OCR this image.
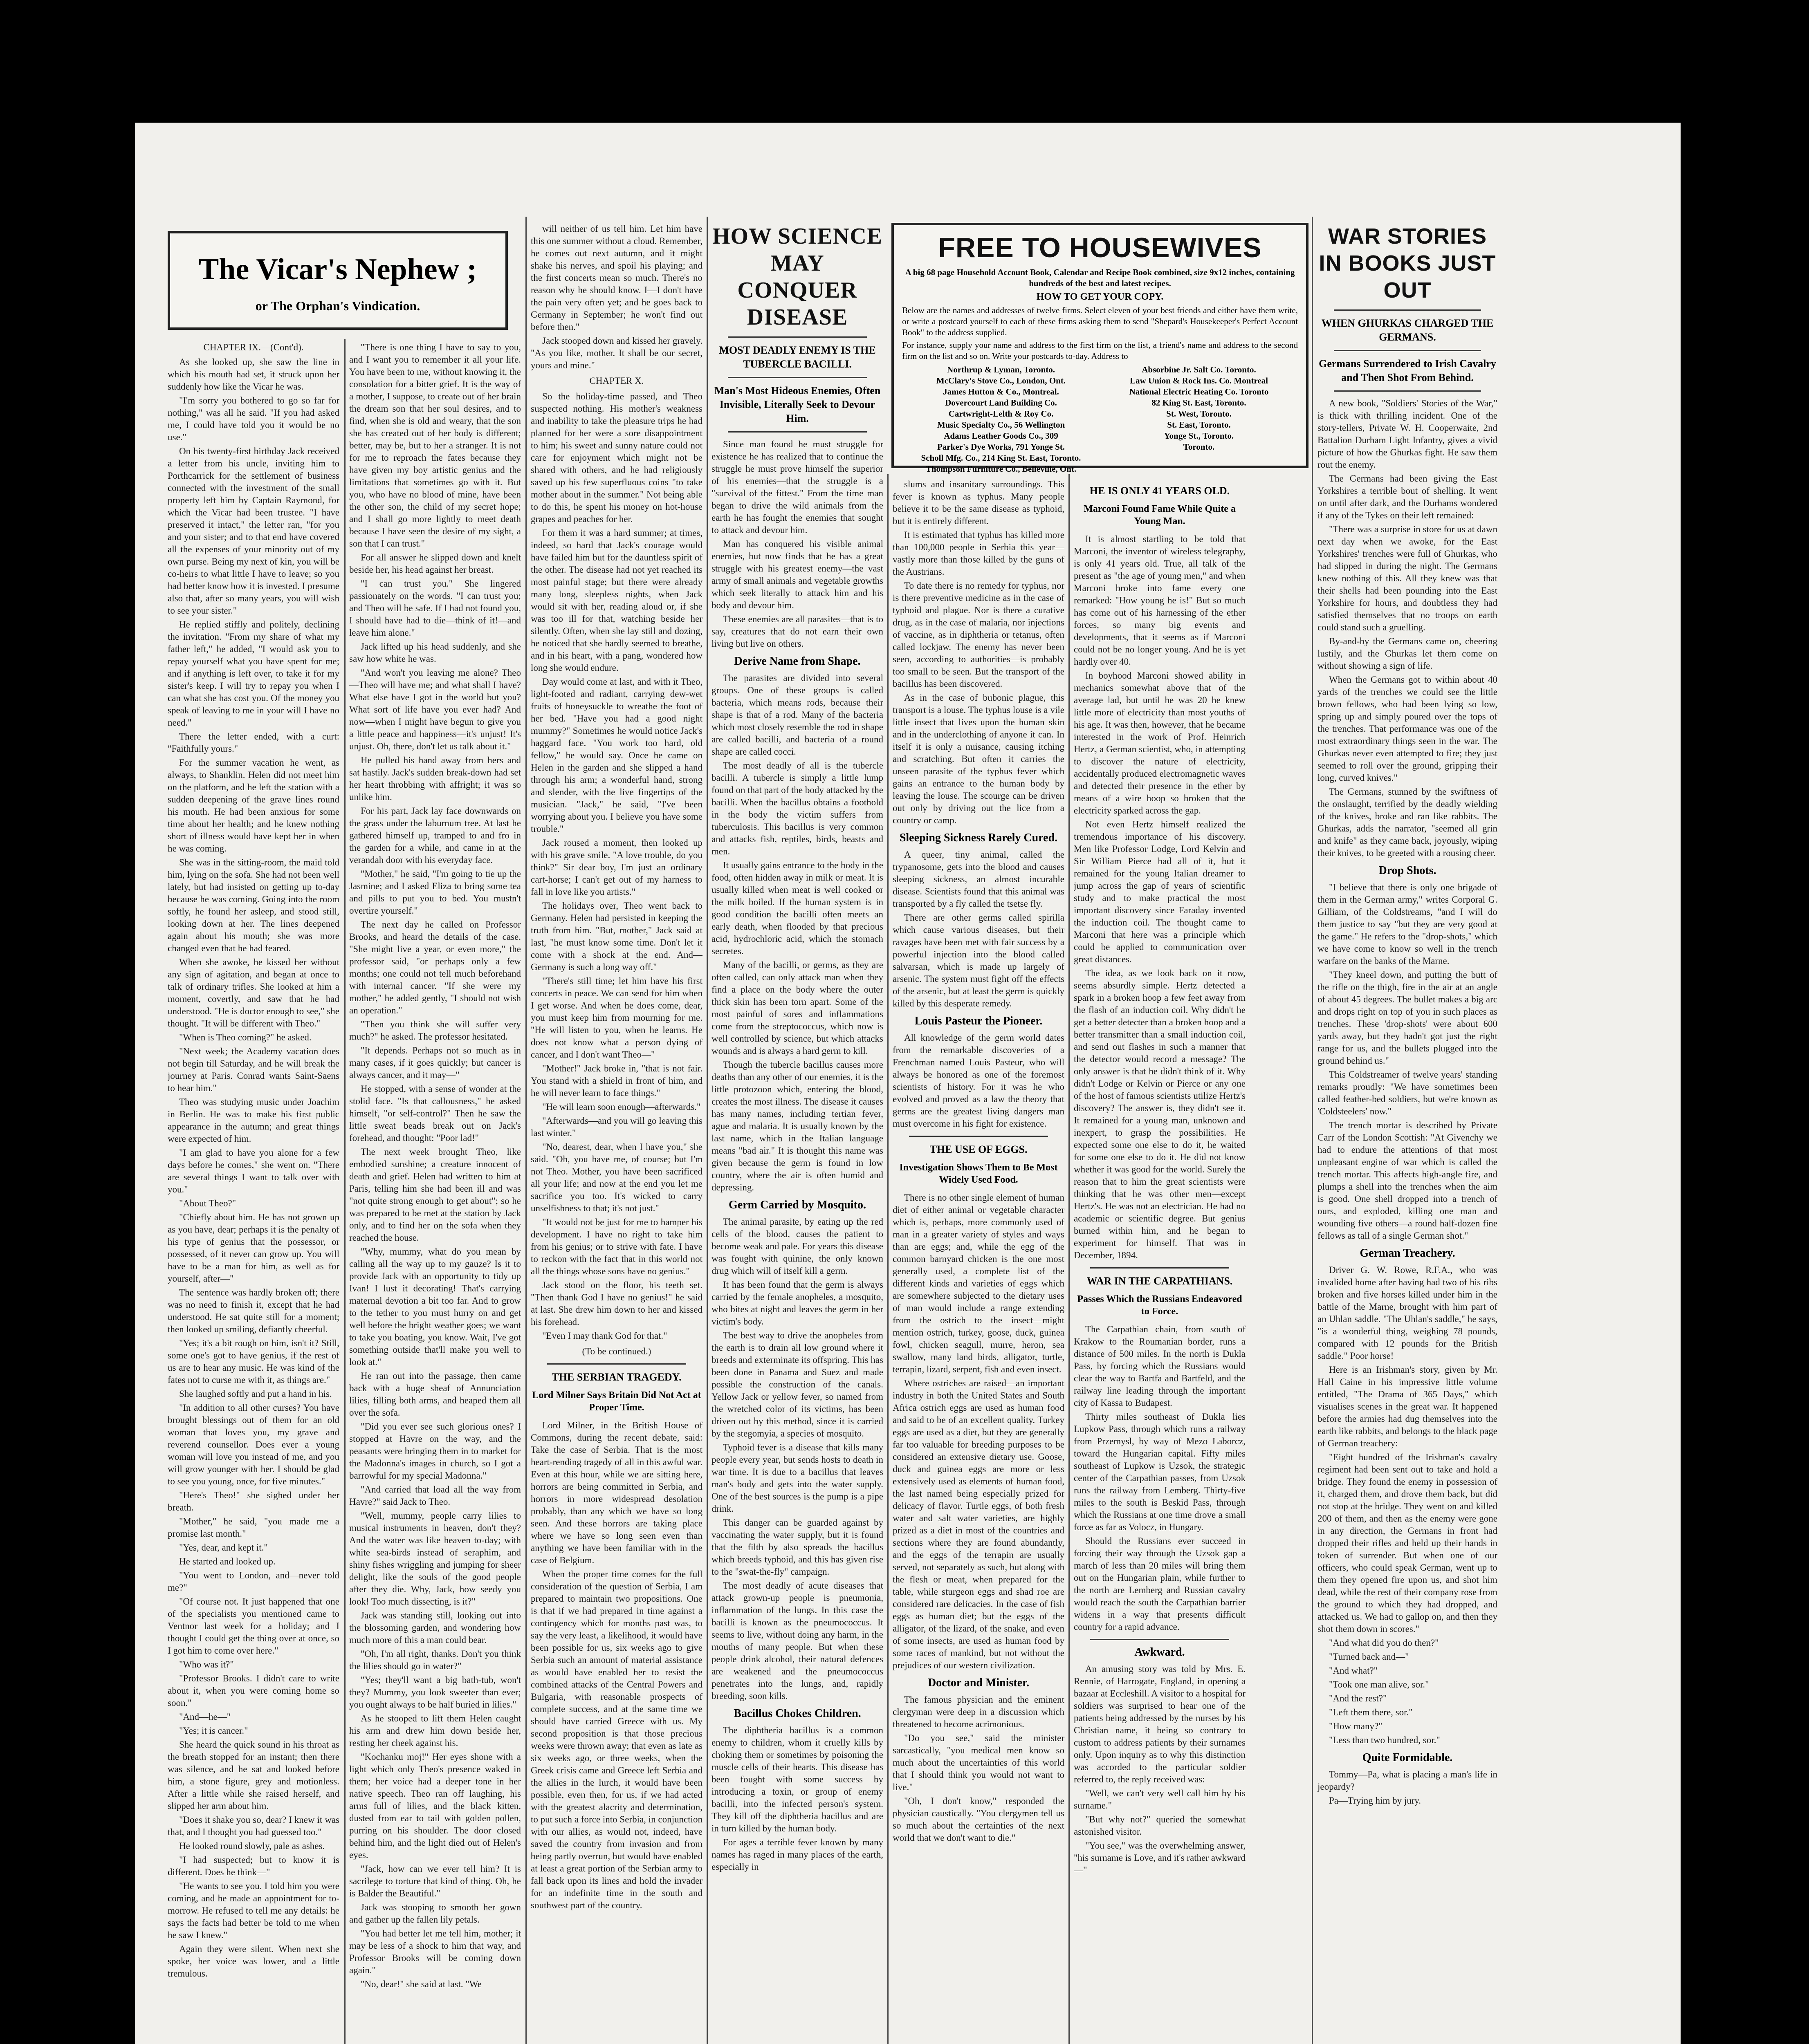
The Vicar's Nephew ;
or The Orphan's Vindication.
CHAPTER IX.—(Cont'd).

As she looked up, she saw the line in which his mouth had set, it struck upon her suddenly how like the Vicar he was.

"I'm sorry you bothered to go so far for nothing," was all he said. "If you had asked me, I could have told you it would be no use."

On his twenty-first birthday Jack received a letter from his uncle, inviting him to Porthcarrick for the settlement of business connected with the investment of the small property left him by Captain Raymond, for which the Vicar had been trustee. "I have preserved it intact," the letter ran, "for you and your sister; and to that end have covered all the expenses of your minority out of my own purse. Being my next of kin, you will be co-heirs to what little I have to leave; so you had better know how it is invested. I presume also that, after so many years, you will wish to see your sister."

He replied stiffly and politely, declining the invitation. "From my share of what my father left," he added, "I would ask you to repay yourself what you have spent for me; and if anything is left over, to take it for my sister's keep. I will try to repay you when I can what she has cost you. Of the money you speak of leaving to me in your will I have no need."

There the letter ended, with a curt: "Faithfully yours."

For the summer vacation he went, as always, to Shanklin. Helen did not meet him on the platform, and he left the station with a sudden deepening of the grave lines round his mouth. He had been anxious for some time about her health; and he knew nothing short of illness would have kept her in when he was coming.

She was in the sitting-room, the maid told him, lying on the sofa. She had not been well lately, but had insisted on getting up to-day because he was coming. Going into the room softly, he found her asleep, and stood still, looking down at her. The lines deepened again about his mouth; she was more changed even that he had feared.

When she awoke, he kissed her without any sign of agitation, and began at once to talk of ordinary trifles. She looked at him a moment, covertly, and saw that he had understood. "He is doctor enough to see," she thought. "It will be different with Theo."

"When is Theo coming?" he asked.

"Next week; the Academy vacation does not begin till Saturday, and he will break the journey at Paris. Conrad wants Saint-Saens to hear him."

Theo was studying music under Joachim in Berlin. He was to make his first public appearance in the autumn; and great things were expected of him.

"I am glad to have you alone for a few days before he comes," she went on. "There are several things I want to talk over with you."

"About Theo?"

"Chiefly about him. He has not grown up as you have, dear; perhaps it is the penalty of his type of genius that the possessor, or possessed, of it never can grow up. You will have to be a man for him, as well as for yourself, after—"

The sentence was hardly broken off; there was no need to finish it, except that he had understood. He sat quite still for a moment; then looked up smiling, defiantly cheerful.

"Yes; it's a bit rough on him, isn't it? Still, some one's got to have genius, if the rest of us are to hear any music. He was kind of the fates not to curse me with it, as things are."

She laughed softly and put a hand in his.

"In addition to all other curses? You have brought blessings out of them for an old woman that loves you, my grave and reverend counsellor. Does ever a young woman will love you instead of me, and you will grow younger with her. I should be glad to see you young, once, for five minutes."

"Here's Theo!" she sighed under her breath.

"Mother," he said, "you made me a promise last month."

"Yes, dear, and kept it."

He started and looked up.

"You went to London, and—never told me?"

"Of course not. It just happened that one of the specialists you mentioned came to Ventnor last week for a holiday; and I thought I could get the thing over at once, so I got him to come over here."

"Who was it?"

"Professor Brooks. I didn't care to write about it, when you were coming home so soon."

"And—he—"

"Yes; it is cancer."

She heard the quick sound in his throat as the breath stopped for an instant; then there was silence, and he sat and looked before him, a stone figure, grey and motionless. After a little while she raised herself, and slipped her arm about him.

"Does it shake you so, dear? I knew it was that, and I thought you had guessed too."

He looked round slowly, pale as ashes.

"I had suspected; but to know it is different. Does he think—"

"He wants to see you. I told him you were coming, and he made an appointment for to-morrow. He refused to tell me any details: he says the facts had better be told to me when he saw I knew."

Again they were silent. When next she spoke, her voice was lower, and a little tremulous.

"There is one thing I have to say to you, and I want you to remember it all your life. You have been to me, without knowing it, the consolation for a bitter grief. It is the way of a mother, I suppose, to create out of her brain the dream son that her soul desires, and to find, when she is old and weary, that the son she has created out of her body is different; better, may be, but to her a stranger. It is not for me to reproach the fates because they have given my boy artistic genius and the limitations that sometimes go with it. But you, who have no blood of mine, have been the other son, the child of my secret hope; and I shall go more lightly to meet death because I have seen the desire of my sight, a son that I can trust."

For all answer he slipped down and knelt beside her, his head against her breast.

"I can trust you." She lingered passionately on the words. "I can trust you; and Theo will be safe. If I had not found you, I should have had to die—think of it!—and leave him alone."

Jack lifted up his head suddenly, and she saw how white he was.

"And won't you leaving me alone? Theo—Theo will have me; and what shall I have? What else have I got in the world but you? What sort of life have you ever had? And now—when I might have begun to give you a little peace and happiness—it's unjust! It's unjust. Oh, there, don't let us talk about it."

He pulled his hand away from hers and sat hastily. Jack's sudden break-down had set her heart throbbing with affright; it was so unlike him.

For his part, Jack lay face downwards on the grass under the laburnum tree. At last he gathered himself up, tramped to and fro in the garden for a while, and came in at the verandah door with his everyday face.

"Mother," he said, "I'm going to tie up the Jasmine; and I asked Eliza to bring some tea and pills to put you to bed. You mustn't overtire yourself."

The next day he called on Professor Brooks, and heard the details of the case. "She might live a year, or even more," the professor said, "or perhaps only a few months; one could not tell much beforehand with internal cancer. "If she were my mother," he added gently, "I should not wish an operation."

"Then you think she will suffer very much?" he asked. The professor hesitated.

"It depends. Perhaps not so much as in many cases, if it goes quickly; but cancer is always cancer, and it may—"

He stopped, with a sense of wonder at the stolid face. "Is that callousness," he asked himself, "or self-control?" Then he saw the little sweat beads break out on Jack's forehead, and thought: "Poor lad!"

The next week brought Theo, like embodied sunshine; a creature innocent of death and grief. Helen had written to him at Paris, telling him she had been ill and was "not quite strong enough to get about"; so he was prepared to be met at the station by Jack only, and to find her on the sofa when they reached the house.

"Why, mummy, what do you mean by calling all the way up to my gauze? Is it to provide Jack with an opportunity to tidy up Ivan! I lust it decorating! That's carrying maternal devotion a bit too far. And to grow to the tether to you must hurry on and get well before the bright weather goes; we want to take you boating, you know. Wait, I've got something outside that'll make you well to look at."

He ran out into the passage, then came back with a huge sheaf of Annunciation lilies, filling both arms, and heaped them all over the sofa.

"Did you ever see such glorious ones? I stopped at Havre on the way, and the peasants were bringing them in to market for the Madonna's images in church, so I got a barrowful for my special Madonna."

"And carried that load all the way from Havre?" said Jack to Theo.

"Well, mummy, people carry lilies to musical instruments in heaven, don't they? And the water was like heaven to-day; with white sea-birds instead of seraphim, and shiny fishes wriggling and jumping for sheer delight, like the souls of the good people after they die. Why, Jack, how seedy you look! Too much dissecting, is it?"

Jack was standing still, looking out into the blossoming garden, and wondering how much more of this a man could bear.

"Oh, I'm all right, thanks. Don't you think the lilies should go in water?"

"Yes; they'll want a big bath-tub, won't they? Mummy, you look sweeter than ever; you ought always to be half buried in lilies."

As he stooped to lift them Helen caught his arm and drew him down beside her, resting her cheek against his.

"Kochanku moj!" Her eyes shone with a light which only Theo's presence waked in them; her voice had a deeper tone in her native speech. Theo ran off laughing, his arms full of lilies, and the black kitten, dusted from ear to tail with golden pollen, purring on his shoulder. The door closed behind him, and the light died out of Helen's eyes.

"Jack, how can we ever tell him? It is sacrilege to torture that kind of thing. Oh, he is Balder the Beautiful."

Jack was stooping to smooth her gown and gather up the fallen lily petals.

"You had better let me tell him, mother; it may be less of a shock to him that way, and Professor Brooks will be coming down again."

"No, dear!" she said at last. "We

will neither of us tell him. Let him have this one summer without a cloud. Remember, he comes out next autumn, and it might shake his nerves, and spoil his playing; and the first concerts mean so much. There's no reason why he should know. I—I don't have the pain very often yet; and he goes back to Germany in September; he won't find out before then."

Jack stooped down and kissed her gravely. "As you like, mother. It shall be our secret, yours and mine."

CHAPTER X.

So the holiday-time passed, and Theo suspected nothing. His mother's weakness and inability to take the pleasure trips he had planned for her were a sore disappointment to him; his sweet and sunny nature could not care for enjoyment which might not be shared with others, and he had religiously saved up his few superfluous coins "to take mother about in the summer." Not being able to do this, he spent his money on hot-house grapes and peaches for her.

For them it was a hard summer; at times, indeed, so hard that Jack's courage would have failed him but for the dauntless spirit of the other. The disease had not yet reached its most painful stage; but there were already many long, sleepless nights, when Jack would sit with her, reading aloud or, if she was too ill for that, watching beside her silently. Often, when she lay still and dozing, he noticed that she hardly seemed to breathe, and in his heart, with a pang, wondered how long she would endure.

Day would come at last, and with it Theo, light-footed and radiant, carrying dew-wet fruits of honeysuckle to wreathe the foot of her bed. "Have you had a good night mummy?" Sometimes he would notice Jack's haggard face. "You work too hard, old fellow," he would say. Once he came on Helen in the garden and she slipped a hand through his arm; a wonderful hand, strong and slender, with the live fingertips of the musician. "Jack," he said, "I've been worrying about you. I believe you have some trouble."

Jack roused a moment, then looked up with his grave smile. "A love trouble, do you think?" Sir dear boy, I'm just an ordinary cart-horse; I can't get out of my harness to fall in love like you artists."

The holidays over, Theo went back to Germany. Helen had persisted in keeping the truth from him. "But, mother," Jack said at last, "he must know some time. Don't let it come with a shock at the end. And—Germany is such a long way off."

"There's still time; let him have his first concerts in peace. We can send for him when I get worse. And when he does come, dear, you must keep him from mourning for me. "He will listen to you, when he learns. He does not know what a person dying of cancer, and I don't want Theo—"

"Mother!" Jack broke in, "that is not fair. You stand with a shield in front of him, and he will never learn to face things."

"He will learn soon enough—afterwards."

"Afterwards—and you will go leaving this last winter."

"No, dearest, dear, when I have you," she said. "Oh, you have me, of course; but I'm not Theo. Mother, you have been sacrificed all your life; and now at the end you let me sacrifice you too. It's wicked to carry unselfishness to that; it's not just."

"It would not be just for me to hamper his development. I have no right to take him from his genius; or to strive with fate. I have to reckon with the fact that in this world not all the things whose sons have no genius."

Jack stood on the floor, his teeth set. "Then thank God I have no genius!" he said at last. She drew him down to her and kissed his forehead.

"Even I may thank God for that."

(To be continued.)
THE SERBIAN TRAGEDY.
Lord Milner Says Britain Did Not Act at Proper Time.

Lord Milner, in the British House of Commons, during the recent debate, said: Take the case of Serbia. That is the most heart-rending tragedy of all in this awful war. Even at this hour, while we are sitting here, horrors are being committed in Serbia, and horrors in more widespread desolation probably, than any which we have so long seen. And these horrors are taking place where we have so long seen even than anything we have been familiar with in the case of Belgium.

When the proper time comes for the full consideration of the question of Serbia, I am prepared to maintain two propositions. One is that if we had prepared in time against a contingency which for months past was, to say the very least, a likelihood, it would have been possible for us, six weeks ago to give Serbia such an amount of material assistance as would have enabled her to resist the combined attacks of the Central Powers and Bulgaria, with reasonable prospects of complete success, and at the same time we should have carried Greece with us. My second proposition is that those precious weeks were thrown away; that even as late as six weeks ago, or three weeks, when the Greek crisis came and Greece left Serbia and the allies in the lurch, it would have been possible, even then, for us, if we had acted with the greatest alacrity and determination, to put such a force into Serbia, in conjunction with our allies, as would not, indeed, have saved the country from invasion and from being partly overrun, but would have enabled at least a great portion of the Serbian army to fall back upon its lines and hold the invader for an indefinite time in the south and southwest part of the country.

HOW SCIENCE MAY CONQUER DISEASE
MOST DEADLY ENEMY IS THE TUBERCLE BACILLI.
Man's Most Hideous Enemies, Often Invisible, Literally Seek to Devour Him.

Since man found he must struggle for existence he has realized that to continue the struggle he must prove himself the superior of his enemies—that the struggle is a "survival of the fittest." From the time man began to drive the wild animals from the earth he has fought the enemies that sought to attack and devour him.

Man has conquered his visible animal enemies, but now finds that he has a great struggle with his greatest enemy—the vast army of small animals and vegetable growths which seek literally to attack him and his body and devour him.

These enemies are all parasites—that is to say, creatures that do not earn their own living but live on others.

Derive Name from Shape.

The parasites are divided into several groups. One of these groups is called bacteria, which means rods, because their shape is that of a rod. Many of the bacteria which most closely resemble the rod in shape are called bacilli, and bacteria of a round shape are called cocci.

The most deadly of all is the tubercle bacilli. A tubercle is simply a little lump found on that part of the body attacked by the bacilli. When the bacillus obtains a foothold in the body the victim suffers from tuberculosis. This bacillus is very common and attacks fish, reptiles, birds, beasts and men.

It usually gains entrance to the body in the food, often hidden away in milk or meat. It is usually killed when meat is well cooked or the milk boiled. If the human system is in good condition the bacilli often meets an early death, when flooded by that precious acid, hydrochloric acid, which the stomach secretes.

Many of the bacilli, or germs, as they are often called, can only attack man when they find a place on the body where the outer thick skin has been torn apart. Some of the most painful of sores and inflammations come from the streptococcus, which now is well controlled by science, but which attacks wounds and is always a hard germ to kill.

Though the tubercle bacillus causes more deaths than any other of our enemies, it is the little protozoon which, entering the blood, creates the most illness. The disease it causes has many names, including tertian fever, ague and malaria. It is usually known by the last name, which in the Italian language means "bad air." It is thought this name was given because the germ is found in low country, where the air is often humid and depressing.

Germ Carried by Mosquito.

The animal parasite, by eating up the red cells of the blood, causes the patient to become weak and pale. For years this disease was fought with quinine, the only known drug which will of itself kill a germ.

It has been found that the germ is always carried by the female anopheles, a mosquito, who bites at night and leaves the germ in her victim's body.

The best way to drive the anopheles from the earth is to drain all low ground where it breeds and exterminate its offspring. This has been done in Panama and Suez and made possible the construction of the canals. Yellow Jack or yellow fever, so named from the wretched color of its victims, has been driven out by this method, since it is carried by the stegomyia, a species of mosquito.

Typhoid fever is a disease that kills many people every year, but sends hosts to death in war time. It is due to a bacillus that leaves man's body and gets into the water supply. One of the best sources is the pump is a pipe drink.

This danger can be guarded against by vaccinating the water supply, but it is found that the filth by also spreads the bacillus which breeds typhoid, and this has given rise to the "swat-the-fly" campaign.

The most deadly of acute diseases that attack grown-up people is pneumonia, inflammation of the lungs. In this case the bacilli is known as the pneumococcus. It seems to live, without doing any harm, in the mouths of many people. But when these people drink alcohol, their natural defences are weakened and the pneumococcus penetrates into the lungs, and, rapidly breeding, soon kills.

Bacillus Chokes Children.

The diphtheria bacillus is a common enemy to children, whom it cruelly kills by choking them or sometimes by poisoning the muscle cells of their hearts. This disease has been fought with some success by introducing a toxin, or group of enemy bacilli, into the infected person's system. They kill off the diphtheria bacillus and are in turn killed by the human body.

For ages a terrible fever known by many names has raged in many places of the earth, especially in

FREE TO HOUSEWIVES
A big 68 page Household Account Book, Calendar and Recipe Book combined, size 9x12 inches, containing hundreds of the best and latest recipes.
HOW TO GET YOUR COPY.
Below are the names and addresses of twelve firms. Select eleven of your best friends and either have them write, or write a postcard yourself to each of these firms asking them to send "Shepard's Housekeeper's Perfect Account Book" to the address supplied.
For instance, supply your name and address to the first firm on the list, a friend's name and address to the second firm on the list and so on. Write your postcards to-day. Address to
Northrup & Lyman, Toronto.
McClary's Stove Co., London, Ont.
James Hutton & Co., Montreal.
Dovercourt Land Building Co.
Cartwright-Lelth & Roy Co.
Music Specialty Co., 56 Wellington
Adams Leather Goods Co., 309
Parker's Dye Works, 791 Yonge St.
Scholl Mfg. Co., 214 King St. East, Toronto.
Thompson Furniture Co., Belleville, Ont.
Absorbine Jr. Salt Co. Toronto.
Law Union & Rock Ins. Co. Montreal
National Electric Heating Co. Toronto
82 King St. East, Toronto.
St. West, Toronto.
St. East, Toronto.
Yonge St., Toronto.
Toronto.

slums and insanitary surroundings. This fever is known as typhus. Many people believe it to be the same disease as typhoid, but it is entirely different.

It is estimated that typhus has killed more than 100,000 people in Serbia this year—vastly more than those killed by the guns of the Austrians.

To date there is no remedy for typhus, nor is there preventive medicine as in the case of typhoid and plague. Nor is there a curative drug, as in the case of malaria, nor injections of vaccine, as in diphtheria or tetanus, often called lockjaw. The enemy has never been seen, according to authorities—is probably too small to be seen. But the transport of the bacillus has been discovered.

As in the case of bubonic plague, this transport is a louse. The typhus louse is a vile little insect that lives upon the human skin and in the underclothing of anyone it can. In itself it is only a nuisance, causing itching and scratching. But often it carries the unseen parasite of the typhus fever which gains an entrance to the human body by leaving the louse. The scourge can be driven out only by driving out the lice from a country or camp.

Sleeping Sickness Rarely Cured.

A queer, tiny animal, called the trypanosome, gets into the blood and causes sleeping sickness, an almost incurable disease. Scientists found that this animal was transported by a fly called the tsetse fly.

There are other germs called spirilla which cause various diseases, but their ravages have been met with fair success by a powerful injection into the blood called salvarsan, which is made up largely of arsenic. The system must fight off the effects of the arsenic, but at least the germ is quickly killed by this desperate remedy.

Louis Pasteur the Pioneer.

All knowledge of the germ world dates from the remarkable discoveries of a Frenchman named Louis Pasteur, who will always be honored as one of the foremost scientists of history. For it was he who evolved and proved as a law the theory that germs are the greatest living dangers man must overcome in his fight for existence.

THE USE OF EGGS.
Investigation Shows Them to Be Most Widely Used Food.

There is no other single element of human diet of either animal or vegetable character which is, perhaps, more commonly used of man in a greater variety of styles and ways than are eggs; and, while the egg of the common barnyard chicken is the one most generally used, a complete list of the different kinds and varieties of eggs which are somewhere subjected to the dietary uses of man would include a range extending from the ostrich to the insect—might mention ostrich, turkey, goose, duck, guinea fowl, chicken seagull, murre, heron, sea swallow, many land birds, alligator, turtle, terrapin, lizard, serpent, fish and even insect.

Where ostriches are raised—an important industry in both the United States and South Africa ostrich eggs are used as human food and said to be of an excellent quality. Turkey eggs are used as a diet, but they are generally far too valuable for breeding purposes to be considered an extensive dietary use. Goose, duck and guinea eggs are more or less extensively used as elements of human food, the last named being especially prized for delicacy of flavor. Turtle eggs, of both fresh water and salt water varieties, are highly prized as a diet in most of the countries and sections where they are found abundantly, and the eggs of the terrapin are usually served, not separately as such, but along with the flesh or meat, when prepared for the table, while sturgeon eggs and shad roe are considered rare delicacies. In the case of fish eggs as human diet; but the eggs of the alligator, of the lizard, of the snake, and even of some insects, are used as human food by some races of mankind, but not without the prejudices of our western civilization.

Doctor and Minister.

The famous physician and the eminent clergyman were deep in a discussion which threatened to become acrimonious.

"Do you see," said the minister sarcastically, "you medical men know so much about the uncertainties of this world that I should think you would not want to live."

"Oh, I don't know," responded the physician caustically. "You clergymen tell us so much about the certainties of the next world that we don't want to die."

HE IS ONLY 41 YEARS OLD.
Marconi Found Fame While Quite a Young Man.

It is almost startling to be told that Marconi, the inventor of wireless telegraphy, is only 41 years old. True, all talk of the present as "the age of young men," and when Marconi broke into fame every one remarked: "How young he is!" But so much has come out of his harnessing of the ether forces, so many big events and developments, that it seems as if Marconi could not be no longer young. And he is yet hardly over 40.

In boyhood Marconi showed ability in mechanics somewhat above that of the average lad, but until he was 20 he knew little more of electricity than most youths of his age. It was then, however, that he became interested in the work of Prof. Heinrich Hertz, a German scientist, who, in attempting to discover the nature of electricity, accidentally produced electromagnetic waves and detected their presence in the ether by means of a wire hoop so broken that the electricity sparked across the gap.

Not even Hertz himself realized the tremendous importance of his discovery. Men like Professor Lodge, Lord Kelvin and Sir William Pierce had all of it, but it remained for the young Italian dreamer to jump across the gap of years of scientific study and to make practical the most important discovery since Faraday invented the induction coil. The thought came to Marconi that here was a principle which could be applied to communication over great distances.

The idea, as we look back on it now, seems absurdly simple. Hertz detected a spark in a broken hoop a few feet away from the flash of an induction coil. Why didn't he get a better detecter than a broken hoop and a better transmitter than a small induction coil, and send out flashes in such a manner that the detector would record a message? The only answer is that he didn't think of it. Why didn't Lodge or Kelvin or Pierce or any one of the host of famous scientists utilize Hertz's discovery? The answer is, they didn't see it. It remained for a young man, unknown and inexpert, to grasp the possibilities. He expected some one else to do it, he waited for some one else to do it. He did not know whether it was good for the world. Surely the reason that to him the great scientists were thinking that he was other men—except Hertz's. He was not an electrician. He had no academic or scientific degree. But genius burned within him, and he began to experiment for himself. That was in December, 1894.

WAR IN THE CARPATHIANS.
Passes Which the Russians Endeavored to Force.

The Carpathian chain, from south of Krakow to the Roumanian border, runs a distance of 500 miles. In the north is Dukla Pass, by forcing which the Russians would clear the way to Bartfa and Bartfeld, and the railway line leading through the important city of Kassa to Budapest.

Thirty miles southeast of Dukla lies Lupkow Pass, through which runs a railway from Przemysl, by way of Mezo Laborcz, toward the Hungarian capital. Fifty miles southeast of Lupkow is Uzsok, the strategic center of the Carpathian passes, from Uzsok runs the railway from Lemberg. Thirty-five miles to the south is Beskid Pass, through which the Russians at one time drove a small force as far as Volocz, in Hungary.

Should the Russians ever succeed in forcing their way through the Uzsok gap a march of less than 20 miles will bring them out on the Hungarian plain, while further to the north are Lemberg and Russian cavalry would reach the south the Carpathian barrier widens in a way that presents difficult country for a rapid advance.

Awkward.

An amusing story was told by Mrs. E. Rennie, of Harrogate, England, in opening a bazaar at Eccleshill. A visitor to a hospital for soldiers was surprised to hear one of the patients being addressed by the nurses by his Christian name, it being so contrary to custom to address patients by their surnames only. Upon inquiry as to why this distinction was accorded to the particular soldier referred to, the reply received was:

"Well, we can't very well call him by his surname."

"But why not?" queried the somewhat astonished visitor.

"You see," was the overwhelming answer, "his surname is Love, and it's rather awkward—"

WAR STORIES IN BOOKS JUST OUT
WHEN GHURKAS CHARGED THE GERMANS.
Germans Surrendered to Irish Cavalry and Then Shot From Behind.

A new book, "Soldiers' Stories of the War," is thick with thrilling incident. One of the story-tellers, Private W. H. Cooperwaite, 2nd Battalion Durham Light Infantry, gives a vivid picture of how the Ghurkas fight. He saw them rout the enemy.

The Germans had been giving the East Yorkshires a terrible bout of shelling. It went on until after dark, and the Durhams wondered if any of the Tykes on their left remained:

"There was a surprise in store for us at dawn next day when we awoke, for the East Yorkshires' trenches were full of Ghurkas, who had slipped in during the night. The Germans knew nothing of this. All they knew was that their shells had been pounding into the East Yorkshire for hours, and doubtless they had satisfied themselves that no troops on earth could stand such a gruelling.

By-and-by the Germans came on, cheering lustily, and the Ghurkas let them come on without showing a sign of life.

When the Germans got to within about 40 yards of the trenches we could see the little brown fellows, who had been lying so low, spring up and simply poured over the tops of the trenches. That performance was one of the most extraordinary things seen in the war. The Ghurkas never even attempted to fire; they just seemed to roll over the ground, gripping their long, curved knives."

The Germans, stunned by the swiftness of the onslaught, terrified by the deadly wielding of the knives, broke and ran like rabbits. The Ghurkas, adds the narrator, "seemed all grin and knife" as they came back, joyously, wiping their knives, to be greeted with a rousing cheer.

Drop Shots.

"I believe that there is only one brigade of them in the German army," writes Corporal G. Gilliam, of the Coldstreams, "and I will do them justice to say "but they are very good at the game." He refers to the "drop-shots," which we have come to know so well in the trench warfare on the banks of the Marne.

"They kneel down, and putting the butt of the rifle on the thigh, fire in the air at an angle of about 45 degrees. The bullet makes a big arc and drops right on top of you in such places as trenches. These 'drop-shots' were about 600 yards away, but they hadn't got just the right range for us, and the bullets plugged into the ground behind us."

This Coldstreamer of twelve years' standing remarks proudly: "We have sometimes been called feather-bed soldiers, but we're known as 'Coldsteelers' now."

The trench mortar is described by Private Carr of the London Scottish: "At Givenchy we had to endure the attentions of that most unpleasant engine of war which is called the trench mortar. This affects high-angle fire, and plumps a shell into the trenches when the aim is good. One shell dropped into a trench of ours, and exploded, killing one man and wounding five others—a round half-dozen fine fellows as tall of a single German shot."

German Treachery.

Driver G. W. Rowe, R.F.A., who was invalided home after having had two of his ribs broken and five horses killed under him in the battle of the Marne, brought with him part of an Uhlan saddle. "The Uhlan's saddle," he says, "is a wonderful thing, weighing 78 pounds, compared with 12 pounds for the British saddle." Poor horse!

Here is an Irishman's story, given by Mr. Hall Caine in his impressive little volume entitled, "The Drama of 365 Days," which visualises scenes in the great war. It happened before the armies had dug themselves into the earth like rabbits, and belongs to the black page of German treachery:

"Eight hundred of the Irishman's cavalry regiment had been sent out to take and hold a bridge. They found the enemy in possession of it, charged them, and drove them back, but did not stop at the bridge. They went on and killed 200 of them, and then as the enemy were gone in any direction, the Germans in front had dropped their rifles and held up their hands in token of surrender. But when one of our officers, who could speak German, went up to them they opened fire upon us, and shot him dead, while the rest of their company rose from the ground to which they had dropped, and attacked us. We had to gallop on, and then they shot them down in scores."

"And what did you do then?"

"Turned back and—"

"And what?"

"Took one man alive, sor."

"And the rest?"

"Left them there, sor."

"How many?"

"Less than two hundred, sor."

Quite Formidable.

Tommy—Pa, what is placing a man's life in jeopardy?

Pa—Trying him by jury.
